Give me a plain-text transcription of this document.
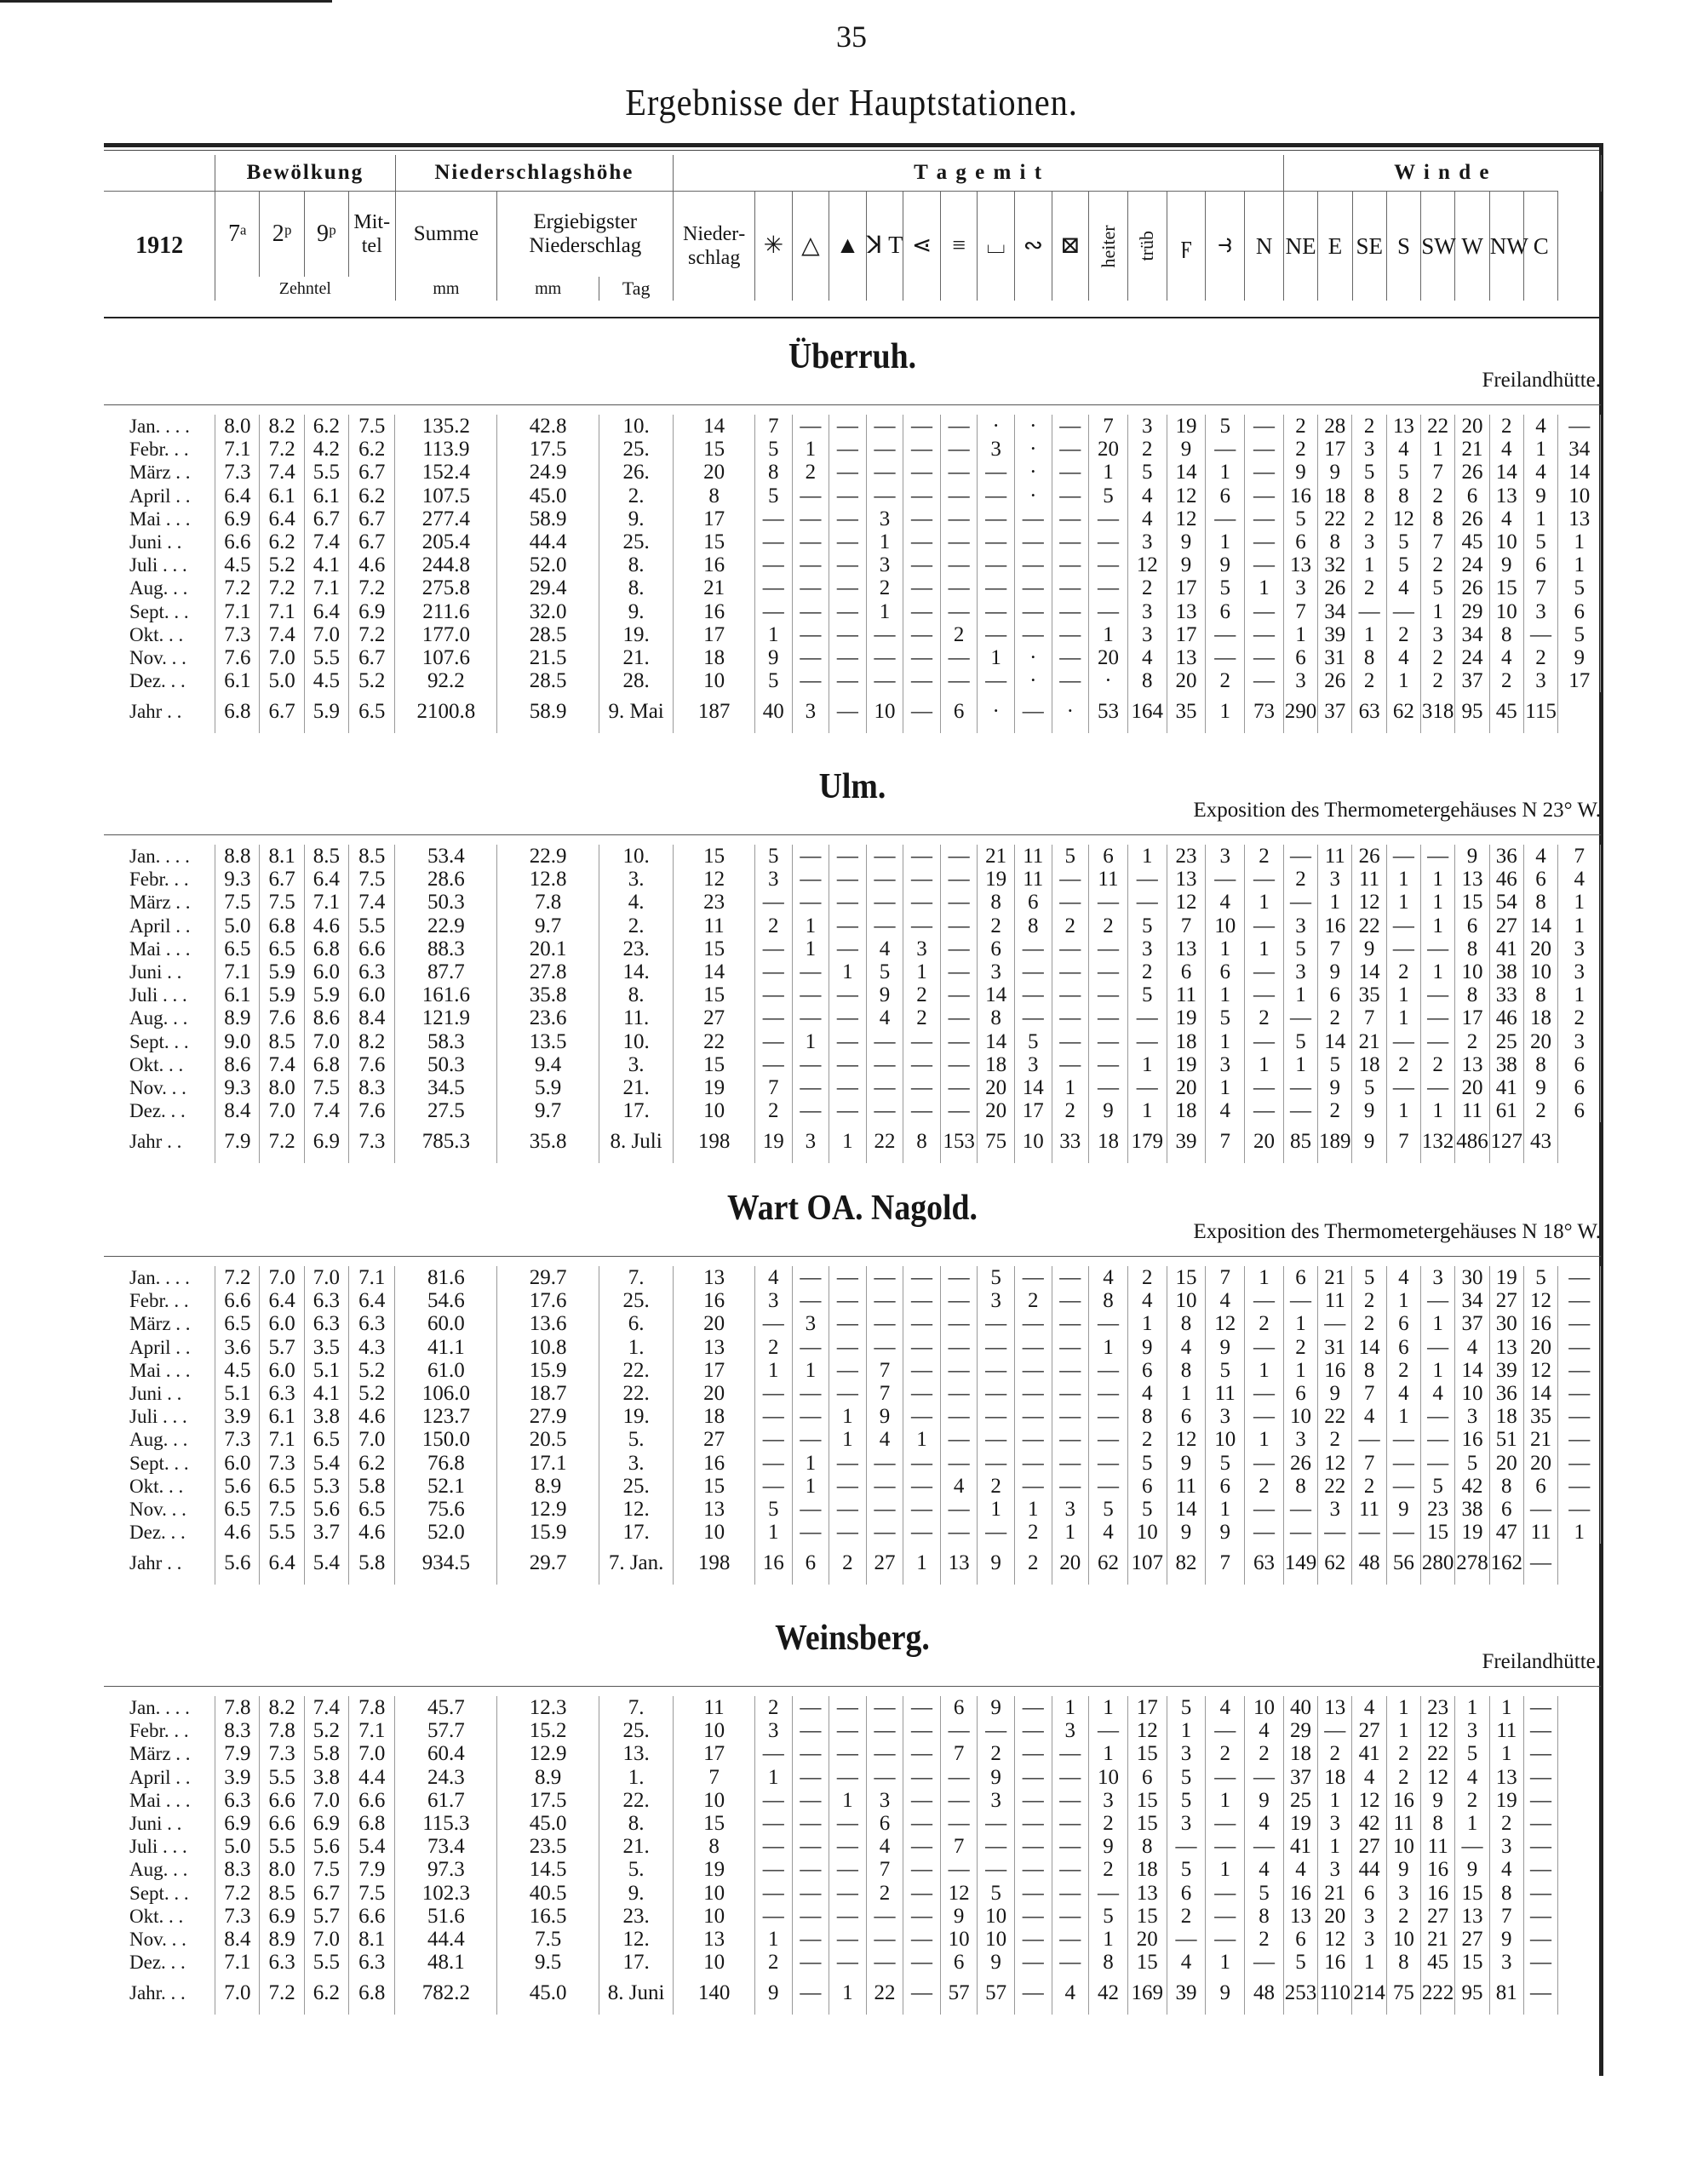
35
Ergebnisse der Hauptstationen.
	Bewölkung				Niederschlagshöhe			T a g e m i t															W i n d e							
1912	7ᵃ	2ᵖ	9ᵖ	Mittel	Summe	Ergiebigster Niederschlag		Niederschlag	✳	△	▲	ꓘ T	⋖	≡	⌴	∾	⊠	heiter	trüb	ϝ	⥽	N	NE	E	SE	S	SW	W	NW	C
	Zehntel				mm	mm	Tag																							
Überruh.
Freilandhütte.
Jan. . . .	8.0	8.2	6.2	7.5	135.2	42.8	10.	14	7	—	—	—	—	—	·	·	—	7	3	19	5	—	2	28	2	13	22	20	2	4	—
Febr. . .	7.1	7.2	4.2	6.2	113.9	17.5	25.	15	5	1	—	—	—	—	3	·	—	20	2	9	—	—	2	17	3	4	1	21	4	1	34
März . .	7.3	7.4	5.5	6.7	152.4	24.9	26.	20	8	2	—	—	—	—	—	·	—	1	5	14	1	—	9	9	5	5	7	26	14	4	14
April . .	6.4	6.1	6.1	6.2	107.5	45.0	2.	8	5	—	—	—	—	—	—	·	—	5	4	12	6	—	16	18	8	8	2	6	13	9	10
Mai . . .	6.9	6.4	6.7	6.7	277.4	58.9	9.	17	—	—	—	3	—	—	—	—	—	—	4	12	—	—	5	22	2	12	8	26	4	1	13
Juni . .	6.6	6.2	7.4	6.7	205.4	44.4	25.	15	—	—	—	1	—	—	—	—	—	—	3	9	1	—	6	8	3	5	7	45	10	5	1
Juli . . .	4.5	5.2	4.1	4.6	244.8	52.0	8.	16	—	—	—	3	—	—	—	—	—	—	12	9	9	—	13	32	1	5	2	24	9	6	1
Aug. . .	7.2	7.2	7.1	7.2	275.8	29.4	8.	21	—	—	—	2	—	—	—	—	—	—	2	17	5	1	3	26	2	4	5	26	15	7	5
Sept. . .	7.1	7.1	6.4	6.9	211.6	32.0	9.	16	—	—	—	1	—	—	—	—	—	—	3	13	6	—	7	34	—	—	1	29	10	3	6
Okt. . .	7.3	7.4	7.0	7.2	177.0	28.5	19.	17	1	—	—	—	—	2	—	—	—	1	3	17	—	—	1	39	1	2	3	34	8	—	5
Nov. . .	7.6	7.0	5.5	6.7	107.6	21.5	21.	18	9	—	—	—	—	—	1	·	—	20	4	13	—	—	6	31	8	4	2	24	4	2	9
Dez. . .	6.1	5.0	4.5	5.2	92.2	28.5	28.	10	5	—	—	—	—	—	—	·	—	·	8	20	2	—	3	26	2	1	2	37	2	3	17
Jahr . .	6.8	6.7	5.9	6.5	2100.8	58.9	9. Mai	187	40	3	—	10	—	6	·	—	·	53	164	35	1	73	290	37	63	62	318	95	45	115	
Ulm.
Exposition des Thermometergehäuses N 23° W.
Jan. . . .	8.8	8.1	8.5	8.5	53.4	22.9	10.	15	5	—	—	—	—	—	21	11	5	6	1	23	3	2	—	11	26	—	—	9	36	4	7
Febr. . .	9.3	6.7	6.4	7.5	28.6	12.8	3.	12	3	—	—	—	—	—	19	11	—	11	—	13	—	—	2	3	11	1	1	13	46	6	4
März . .	7.5	7.5	7.1	7.4	50.3	7.8	4.	23	—	—	—	—	—	—	8	6	—	—	—	12	4	1	—	1	12	1	1	15	54	8	1
April . .	5.0	6.8	4.6	5.5	22.9	9.7	2.	11	2	1	—	—	—	—	2	8	2	2	5	7	10	—	3	16	22	—	1	6	27	14	1
Mai . . .	6.5	6.5	6.8	6.6	88.3	20.1	23.	15	—	1	—	4	3	—	6	—	—	—	3	13	1	1	5	7	9	—	—	8	41	20	3
Juni . .	7.1	5.9	6.0	6.3	87.7	27.8	14.	14	—	—	1	5	1	—	3	—	—	—	2	6	6	—	3	9	14	2	1	10	38	10	3
Juli . . .	6.1	5.9	5.9	6.0	161.6	35.8	8.	15	—	—	—	9	2	—	14	—	—	—	5	11	1	—	1	6	35	1	—	8	33	8	1
Aug. . .	8.9	7.6	8.6	8.4	121.9	23.6	11.	27	—	—	—	4	2	—	8	—	—	—	—	19	5	2	—	2	7	1	—	17	46	18	2
Sept. . .	9.0	8.5	7.0	8.2	58.3	13.5	10.	22	—	1	—	—	—	—	14	5	—	—	—	18	1	—	5	14	21	—	—	2	25	20	3
Okt. . .	8.6	7.4	6.8	7.6	50.3	9.4	3.	15	—	—	—	—	—	—	18	3	—	—	1	19	3	1	1	5	18	2	2	13	38	8	6
Nov. . .	9.3	8.0	7.5	8.3	34.5	5.9	21.	19	7	—	—	—	—	—	20	14	1	—	—	20	1	—	—	9	5	—	—	20	41	9	6
Dez. . .	8.4	7.0	7.4	7.6	27.5	9.7	17.	10	2	—	—	—	—	—	20	17	2	9	1	18	4	—	—	2	9	1	1	11	61	2	6
Jahr . .	7.9	7.2	6.9	7.3	785.3	35.8	8. Juli	198	19	3	1	22	8	153	75	10	33	18	179	39	7	20	85	189	9	7	132	486	127	43	
Wart OA. Nagold.
Exposition des Thermometergehäuses N 18° W.
Jan. . . .	7.2	7.0	7.0	7.1	81.6	29.7	7.	13	4	—	—	—	—	—	5	—	—	4	2	15	7	1	6	21	5	4	3	30	19	5	—
Febr. . .	6.6	6.4	6.3	6.4	54.6	17.6	25.	16	3	—	—	—	—	—	3	2	—	8	4	10	4	—	—	11	2	1	—	34	27	12	—
März . .	6.5	6.0	6.3	6.3	60.0	13.6	6.	20	—	3	—	—	—	—	—	—	—	—	1	8	12	2	1	—	2	6	1	37	30	16	—
April . .	3.6	5.7	3.5	4.3	41.1	10.8	1.	13	2	—	—	—	—	—	—	—	—	1	9	4	9	—	2	31	14	6	—	4	13	20	—
Mai . . .	4.5	6.0	5.1	5.2	61.0	15.9	22.	17	1	1	—	7	—	—	—	—	—	—	6	8	5	1	1	16	8	2	1	14	39	12	—
Juni . .	5.1	6.3	4.1	5.2	106.0	18.7	22.	20	—	—	—	7	—	—	—	—	—	—	4	1	11	—	6	9	7	4	4	10	36	14	—
Juli . . .	3.9	6.1	3.8	4.6	123.7	27.9	19.	18	—	—	1	9	—	—	—	—	—	—	8	6	3	—	10	22	4	1	—	3	18	35	—
Aug. . .	7.3	7.1	6.5	7.0	150.0	20.5	5.	27	—	—	1	4	1	—	—	—	—	—	2	12	10	1	3	2	—	—	—	16	51	21	—
Sept. . .	6.0	7.3	5.4	6.2	76.8	17.1	3.	16	—	1	—	—	—	—	—	—	—	—	5	9	5	—	26	12	7	—	—	5	20	20	—
Okt. . .	5.6	6.5	5.3	5.8	52.1	8.9	25.	15	—	1	—	—	—	4	2	—	—	—	6	11	6	2	8	22	2	—	5	42	8	6	—
Nov. . .	6.5	7.5	5.6	6.5	75.6	12.9	12.	13	5	—	—	—	—	—	1	1	3	5	5	14	1	—	—	3	11	9	23	38	6	—	—
Dez. . .	4.6	5.5	3.7	4.6	52.0	15.9	17.	10	1	—	—	—	—	—	—	2	1	4	10	9	9	—	—	—	—	—	15	19	47	11	1
Jahr . .	5.6	6.4	5.4	5.8	934.5	29.7	7. Jan.	198	16	6	2	27	1	13	9	2	20	62	107	82	7	63	149	62	48	56	280	278	162	—	
Weinsberg.
Freilandhütte.
Jan. . . .	7.8	8.2	7.4	7.8	45.7	12.3	7.	11	2	—	—	—	—	6	9	—	1	1	17	5	4	10	40	13	4	1	23	1	1	—
Febr. . .	8.3	7.8	5.2	7.1	57.7	15.2	25.	10	3	—	—	—	—	—	—	—	3	—	12	1	—	4	29	—	27	1	12	3	11	—
März . .	7.9	7.3	5.8	7.0	60.4	12.9	13.	17	—	—	—	—	—	7	2	—	—	1	15	3	2	2	18	2	41	2	22	5	1	—
April . .	3.9	5.5	3.8	4.4	24.3	8.9	1.	7	1	—	—	—	—	—	9	—	—	10	6	5	—	—	37	18	4	2	12	4	13	—
Mai . . .	6.3	6.6	7.0	6.6	61.7	17.5	22.	10	—	—	1	3	—	—	3	—	—	3	15	5	1	9	25	1	12	16	9	2	19	—
Juni . .	6.9	6.6	6.9	6.8	115.3	45.0	8.	15	—	—	—	6	—	—	—	—	—	2	15	3	—	4	19	3	42	11	8	1	2	—
Juli . . .	5.0	5.5	5.6	5.4	73.4	23.5	21.	8	—	—	—	4	—	7	—	—	—	9	8	—	—	—	41	1	27	10	11	—	3	—
Aug. . .	8.3	8.0	7.5	7.9	97.3	14.5	5.	19	—	—	—	7	—	—	—	—	—	2	18	5	1	4	4	3	44	9	16	9	4	—
Sept. . .	7.2	8.5	6.7	7.5	102.3	40.5	9.	10	—	—	—	2	—	12	5	—	—	—	13	6	—	5	16	21	6	3	16	15	8	—
Okt. . .	7.3	6.9	5.7	6.6	51.6	16.5	23.	10	—	—	—	—	—	9	10	—	—	5	15	2	—	8	13	20	3	2	27	13	7	—
Nov. . .	8.4	8.9	7.0	8.1	44.4	7.5	12.	13	1	—	—	—	—	10	10	—	—	1	20	—	—	2	6	12	3	10	21	27	9	—
Dez. . .	7.1	6.3	5.5	6.3	48.1	9.5	17.	10	2	—	—	—	—	6	9	—	—	8	15	4	1	—	5	16	1	8	45	15	3	—
Jahr. . .	7.0	7.2	6.2	6.8	782.2	45.0	8. Juni	140	9	—	1	22	—	57	57	—	4	42	169	39	9	48	253	110	214	75	222	95	81	—
